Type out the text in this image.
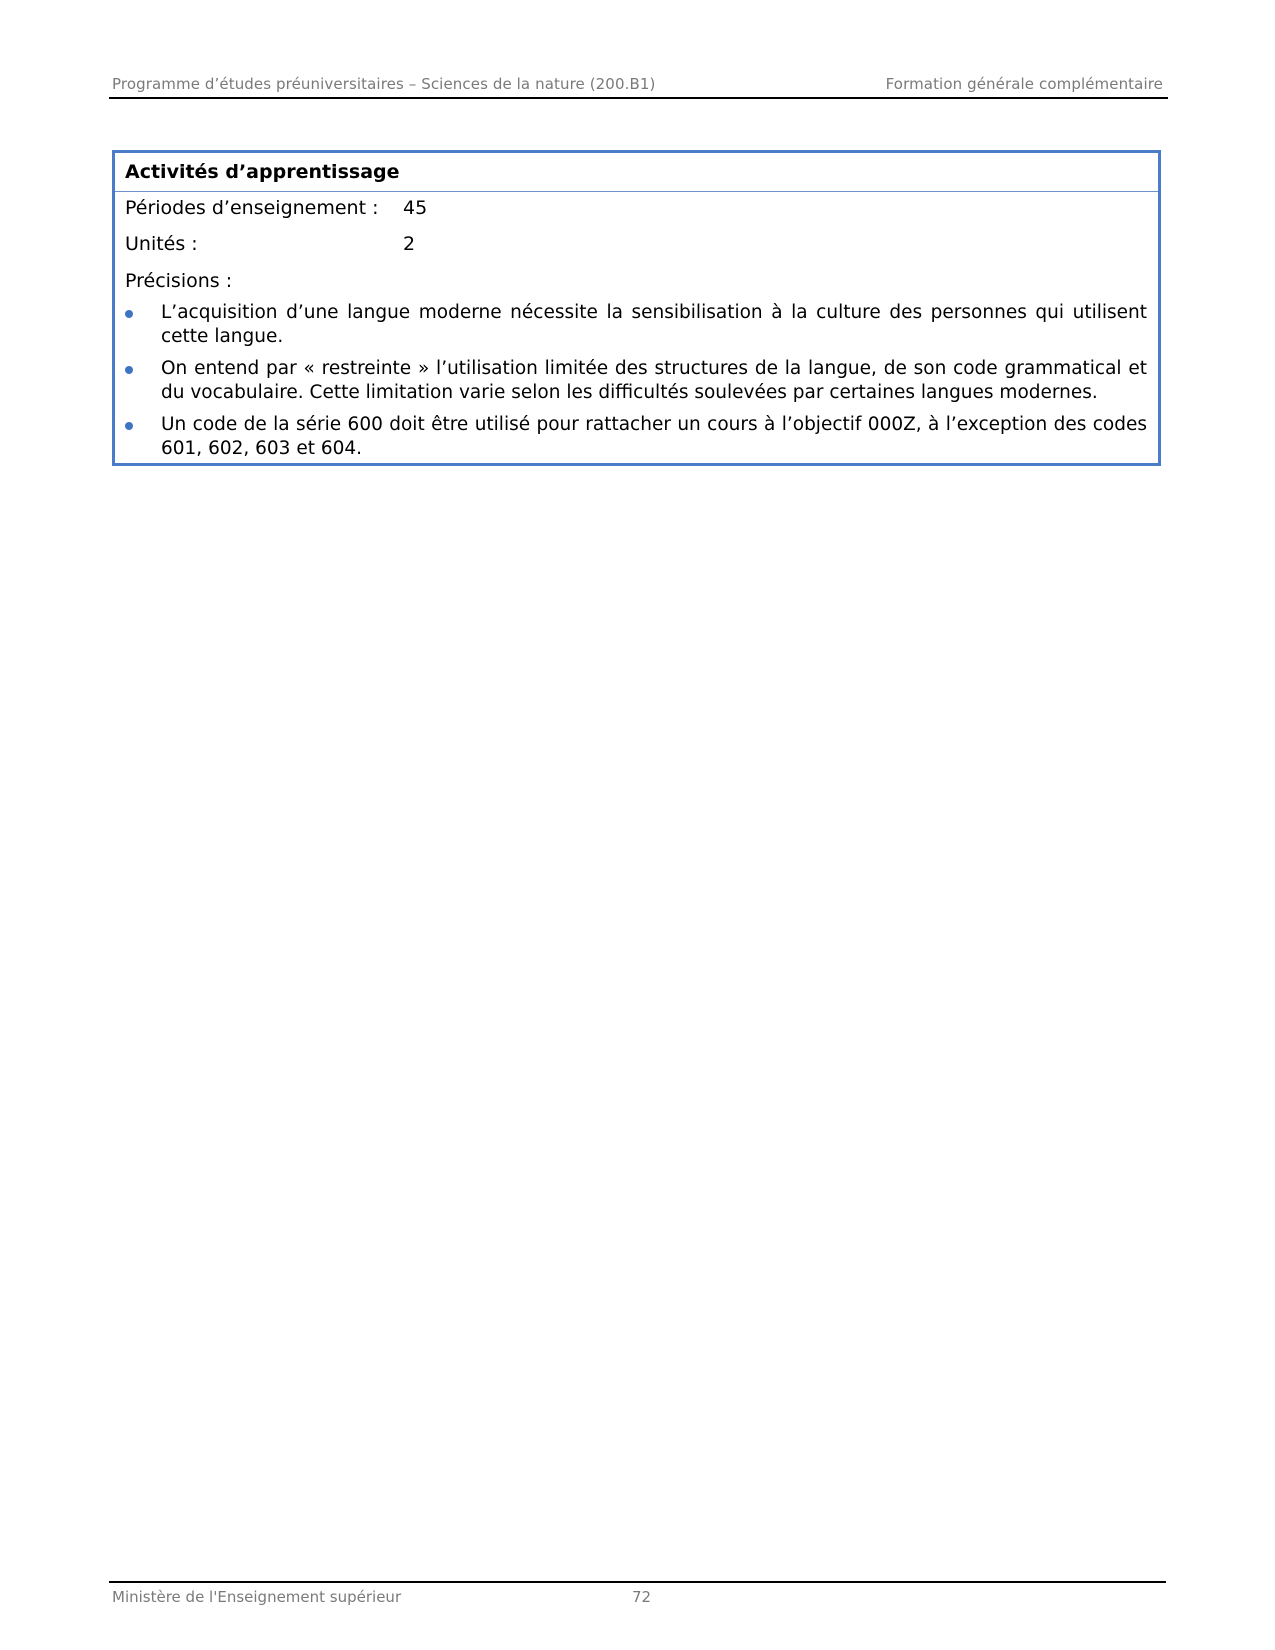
Programme d’études préuniversitaires – Sciences de la nature (200.B1)	Formation générale complémentaire
Activités d’apprentissage
Périodes d’enseignement : 45
Unités :	2
Précisions :
L’acquisition d’une langue moderne nécessite la sensibilisation à la culture des personnes qui utilisent cette langue.
On entend par « restreinte » l’utilisation limitée des structures de la langue, de son code grammatical et du vocabulaire. Cette limitation varie selon les difficultés soulevées par certaines langues modernes.
Un code de la série 600 doit être utilisé pour rattacher un cours à l’objectif 000Z, à l’exception des codes 601, 602, 603 et 604.
Ministère de l'Enseignement supérieur	72
